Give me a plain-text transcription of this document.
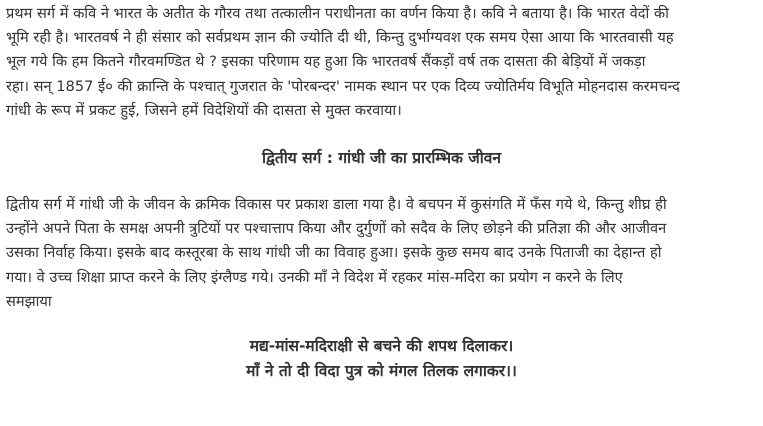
प्रथम सर्ग में कवि ने भारत के अतीत के गौरव तथा तत्कालीन पराधीनता का वर्णन किया है। कवि ने बताया है। कि भारत वेदों की
भूमि रही है। भारतवर्ष ने ही संसार को सर्वप्रथम ज्ञान की ज्योति दी थी, किन्तु दुर्भाग्यवश एक समय ऐसा आया कि भारतवासी यह
भूल गये कि हम कितने गौरवमण्डित थे ? इसका परिणाम यह हुआ कि भारतवर्ष सैंकड़ों वर्ष तक दासता की बेड़ियों में जकड़ा
रहा। सन् 1857 ई० की क्रान्ति के पश्चात् गुजरात के 'पोरबन्दर' नामक स्थान पर एक दिव्य ज्योतिर्मय विभूति मोहनदास करमचन्द
गांधी के रूप में प्रकट हुई, जिसने हमें विदेशियों की दासता से मुक्त करवाया।

द्वितीय सर्ग : गांधी जी का प्रारम्भिक जीवन

द्वितीय सर्ग में गांधी जी के जीवन के क्रमिक विकास पर प्रकाश डाला गया है। वे बचपन में कुसंगति में फँस गये थे, किन्तु शीघ्र ही
उन्होंने अपने पिता के समक्ष अपनी त्रुटियों पर पश्चात्ताप किया और दुर्गुणों को सदैव के लिए छोड़ने की प्रतिज्ञा की और आजीवन
उसका निर्वाह किया। इसके बाद कस्तूरबा के साथ गांधी जी का विवाह हुआ। इसके कुछ समय बाद उनके पिताजी का देहान्त हो
गया। वे उच्च शिक्षा प्राप्त करने के लिए इंग्लैण्ड गये। उनकी माँ ने विदेश में रहकर मांस-मदिरा का प्रयोग न करने के लिए
समझाया

मद्य-मांस-मदिराक्षी से बचने की शपथ दिलाकर।
माँ ने तो दी विदा पुत्र को मंगल तिलक लगाकर।।
